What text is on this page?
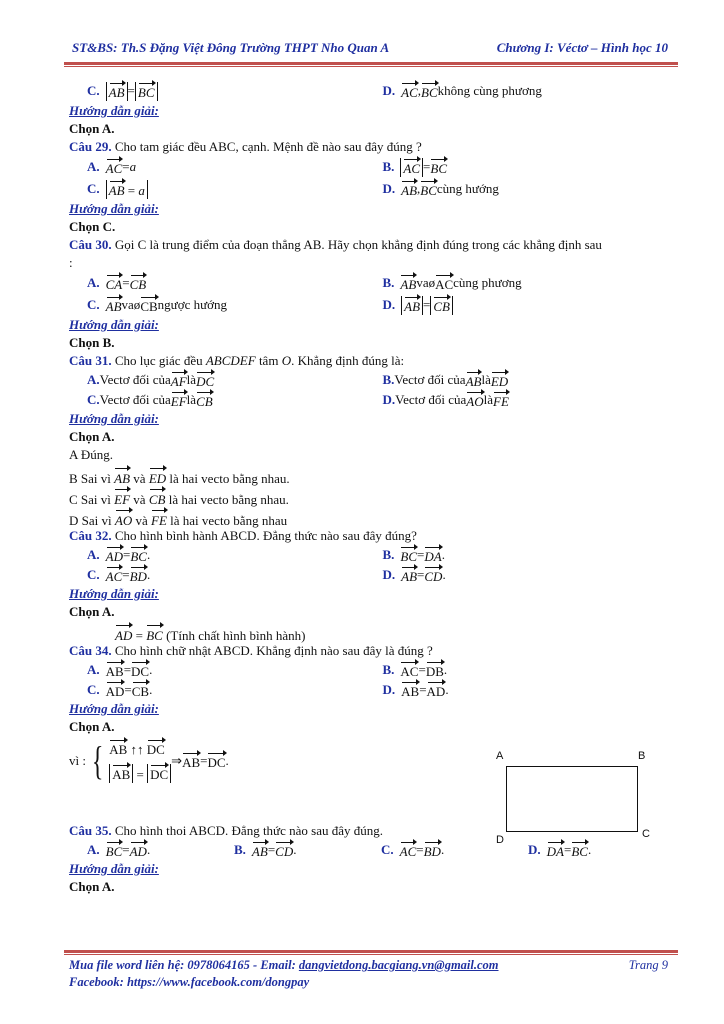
ST&BS: Th.S Đặng Việt Đông Trường THPT Nho Quan A	Chương I: Véctơ – Hình học 10
C. AB = BC	D. AC , BC không cùng phương
Hướng dẫn giải:
Chọn A.
Câu 29. Cho tam giác đều ABC, cạnh. Mệnh đề nào sau đây đúng ?
A. AC = a	B. AC = BC
C. AB = a	D. AB , BC cùng hướng
Hướng dẫn giải:
Chọn C.
Câu 30. Gọi C là trung điểm của đoạn thẳng AB. Hãy chọn khẳng định đúng trong các khẳng định sau
:
A. CA = CB	B. AB vaø AC cùng phương
C. AB vaø CB ngược hướng	D. AB = CB
Hướng dẫn giải:
Chọn B.
Câu 31. Cho lục giác đều ABCDEF tâm O. Khẳng định đúng là:
A. Vectơ đối của AF là DC	B. Vectơ đối của AB là ED
C. Vectơ đối của EF là CB	D. Vectơ đối của AO là FE
Hướng dẫn giải:
Chọn A.
A Đúng.
B Sai vì AB và ED là hai vecto bằng nhau.
C Sai vì EF và CB là hai vecto bằng nhau.
D Sai vì AO và FE là hai vecto bằng nhau
Câu 32. Cho hình bình hành ABCD. Đẳng thức nào sau đây đúng?
A. AD = BC .	B. BC = DA .
C. AC = BD .	D. AB = CD .
Hướng dẫn giải:
Chọn A.
AD = BC (Tính chất hình bình hành)
Câu 34. Cho hình chữ nhật ABCD. Khẳng định nào sau đây là đúng ?
A. AB = DC .	B. AC = DB .
C. AD = CB .	D. AB = AD .
Hướng dẫn giải:
Chọn A.
vì : { AB ↑↑ DC
AB = DC
⇒ AB = DC .
Câu 35. Cho hình thoi ABCD. Đẳng thức nào sau đây đúng.
A. BC = AD .	B. AB = CD .	C. AC = BD .	D. DA = BC .
Hướng dẫn giải:
Chọn A.
A	B
C
D
Mua file word liên hệ: 0978064165 - Email: dangvietdong.bacgiang.vn@gmail.com	Trang 9
Facebook: https://www.facebook.com/dongpay
